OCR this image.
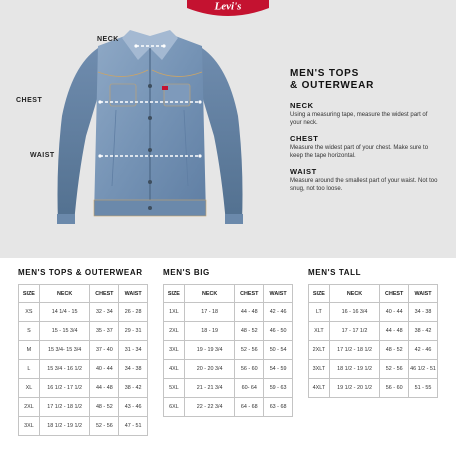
Levi's
NECK
CHEST
WAIST
MEN'S TOPS
& OUTERWEAR
NECK
Using a measuring tape, measure the widest part of your neck.
CHEST
Measure the widest part of your chest. Make sure to keep the tape horizontal.
WAIST
Measure around the smallest part of your waist. Not too snug, not too loose.
MEN'S TOPS & OUTERWEAR
SIZE	NECK	CHEST	WAIST
XS	14 1/4 - 15	32 - 34	26 - 28
S	15 - 15 3/4	35 - 37	29 - 31
M	15 3/4- 15 3/4	37 - 40	31 - 34
L	15 3/4 - 16 1/2	40 - 44	34 - 38
XL	16 1/2 - 17 1/2	44 - 48	38 - 42
2XL	17 1/2 - 18 1/2	48 - 52	43 - 46
3XL	18 1/2 - 19 1/2	52 - 56	47 - 51
MEN'S BIG
SIZE	NECK	CHEST	WAIST
1XL	17 - 18	44 - 48	42 - 46
2XL	18 - 19	48 - 52	46 - 50
3XL	19 - 19 3/4	52 - 56	50 - 54
4XL	20 - 20 3/4	56 - 60	54 - 59
5XL	21 - 21 3/4	60- 64	59 - 63
6XL	22 - 22 3/4	64 - 68	63 - 68
MEN'S TALL
SIZE	NECK	CHEST	WAIST
LT	16 - 16 3/4	40 - 44	34 - 38
XLT	17 - 17 1/2	44 - 48	38 - 42
2XLT	17 1/2 - 18 1/2	48 - 52	42 - 46
3XLT	18 1/2 - 19 1/2	52 - 56	46 1/2 - 51
4XLT	19 1/2 - 20 1/2	56 - 60	51 - 55
